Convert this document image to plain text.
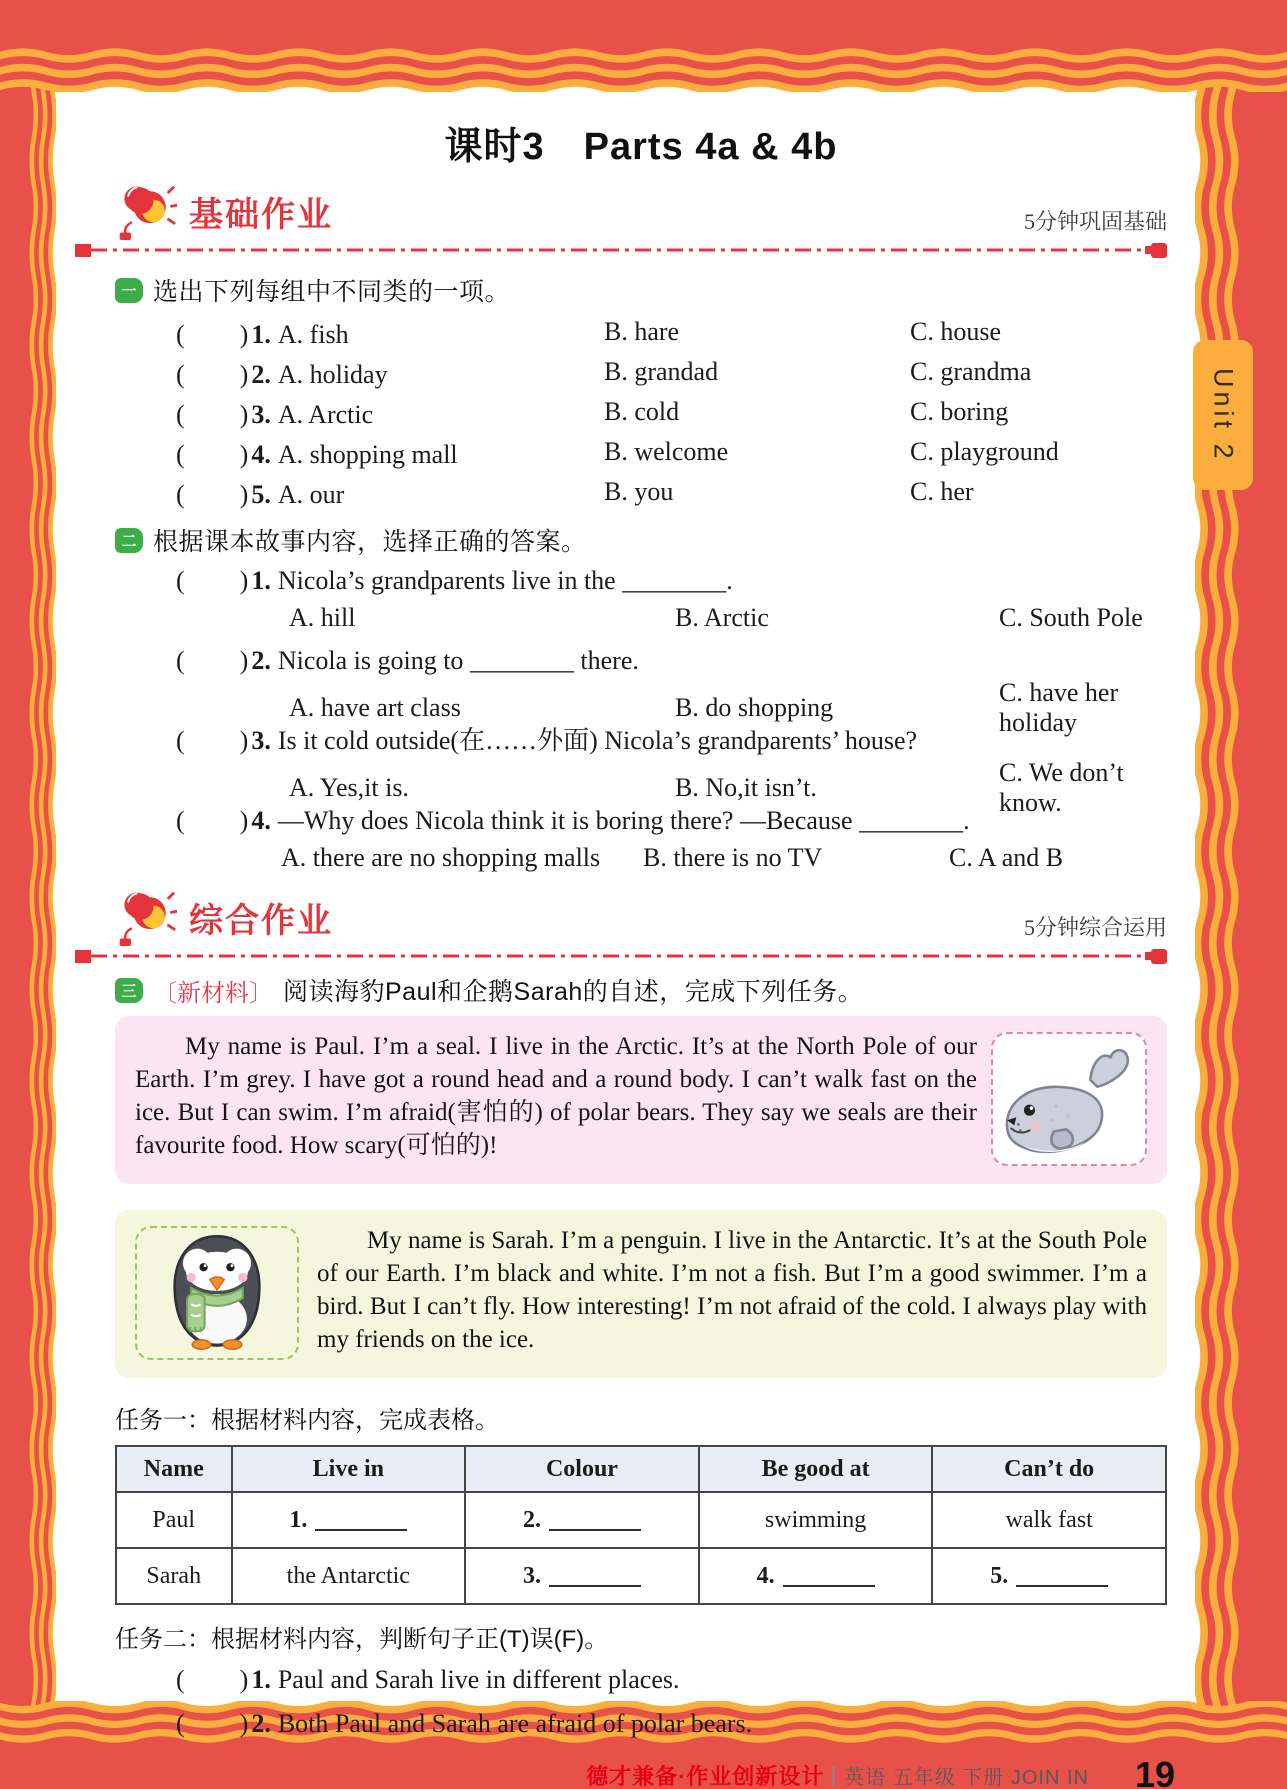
Unit 2
课时3　Parts 4a & 4b
基础作业	5分钟巩固基础
一 选出下列每组中不同类的一项。
(　　)1. A. fish	B. hare	C. house
(　　)2. A. holiday	B. grandad	C. grandma
(　　)3. A. Arctic	B. cold	C. boring
(　　)4. A. shopping mall	B. welcome	C. playground
(　　)5. A. our	B. you	C. her
二 根据课本故事内容，选择正确的答案。
(　　)1. Nicola’s grandparents live in the ________.
A. hill	B. Arctic	C. South Pole
(　　)2. Nicola is going to ________ there.
A. have art class	B. do shopping
C. have her holiday
(　　)3. Is it cold outside(在……外面) Nicola’s grandparents’ house?
A. Yes,it is.	B. No,it isn’t.
C. We don’t know.
(　　)4. —Why does Nicola think it is boring there? —Because ________.
A. there are no shopping malls	B. there is no TV	C. A and B
综合作业	5分钟综合运用
三 〔新材料〕 阅读海豹Paul和企鹅Sarah的自述，完成下列任务。

My name is Paul. I’m a seal. I live in the Arctic. It’s at the North Pole of our Earth. I’m grey. I have got a round head and a round body. I can’t walk fast on the ice. But I can swim. I’m afraid(害怕的) of polar bears. They say we seals are their favourite food. How scary(可怕的)!

My name is Sarah. I’m a penguin. I live in the Antarctic. It’s at the South Pole of our Earth. I’m black and white. I’m not a fish. But I’m a good swimmer. I’m a bird. But I can’t fly. How interesting! I’m not afraid of the cold. I always play with my friends on the ice.

任务一：根据材料内容，完成表格。
Name	Live in	Colour	Be good at	Can’t do
Paul	1.	2.	swimming	walk fast
Sarah	the Antarctic	3.	4.	5.
任务二：根据材料内容，判断句子正(T)误(F)。
(　　)1. Paul and Sarah live in different places.
(　　)2. Both Paul and Sarah are afraid of polar bears.
德才兼备·作业创新设计 | 英语 五年级 下册 JOIN IN 19
